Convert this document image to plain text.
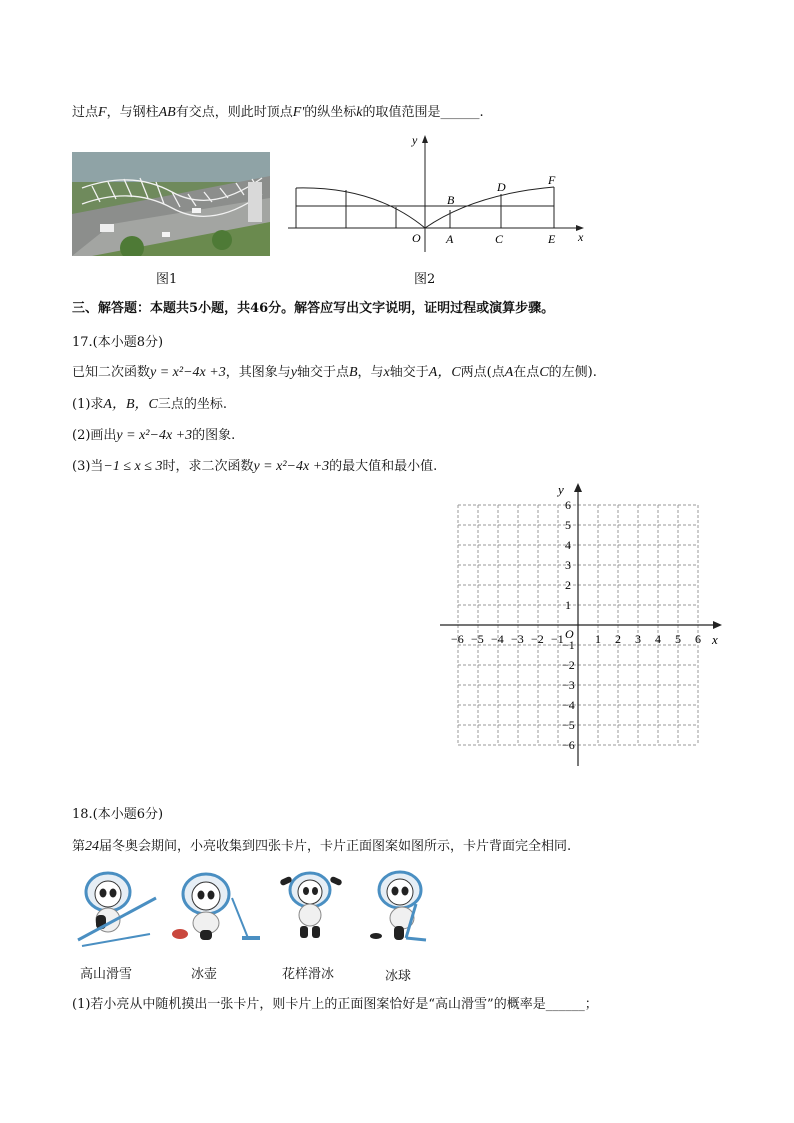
过点F，与钢柱AB有交点，则此时顶点F'的纵坐标k的取值范围是______.
图1
y
x
O A
B
C
D
E
F
图2
三、解答题：本题共5小题，共46分。解答应写出文字说明，证明过程或演算步骤。
17.(本小题8分)
已知二次函数y = x²−4x +3，其图象与y轴交于点B，与x轴交于A，C两点(点A在点C的左侧).
(1)求A，B，C三点的坐标.
(2)画出y = x²−4x +3的图象.
(3)当−1 ≤ x ≤ 3时，求二次函数y = x²−4x +3的最大值和最小值.
−6 −5 −4 −3 −2 −1	1 2 3 4 5 6
6
−1
5
−2
4
−3
3
−4
2
−5
1
−6
x
y
O
18.(本小题6分)
第24届冬奥会期间，小亮收集到四张卡片，卡片正面图案如图所示，卡片背面完全相同.
高山滑雪	冰壶	花样滑冰	冰球
(1)若小亮从中随机摸出一张卡片，则卡片上的正面图案恰好是“高山滑雪”的概率是______；
